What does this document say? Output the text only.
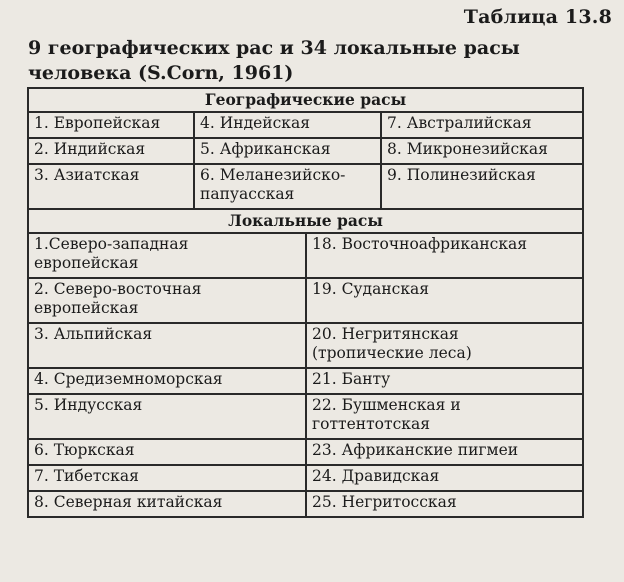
Таблица 13.8
9 географических рас и 34 локальные расы
человека (S.Corn, 1961)
Географические расы			
1. Европейская	4. Индейская		7. Австралийская
2. Индийская	5. Африканская		8. Микронезийская
3. Азиатская	6. Меланезийско-
папуасская		9. Полинезийская
Локальные расы			
1.Северо-западная
европейская		18. Восточноафриканская	
2. Северо-восточная
европейская		19. Суданская	
3. Альпийская		20. Негритянская
(тропические леса)	
4. Средиземноморская		21. Банту	
5. Индусская		22. Бушменская и
готтентотская	
6. Тюркская		23. Африканские пигмеи	
7. Тибетская		24. Дравидская	
8. Северная китайская		25. Негритосская	
